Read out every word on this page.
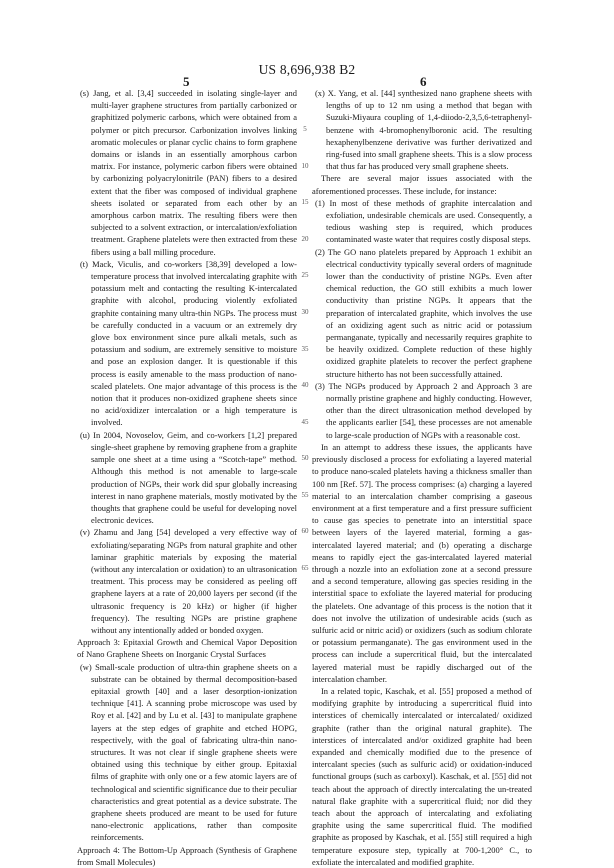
US 8,696,938 B2
5	6

(s) Jang, et al. [3,4] succeeded in isolating single-layer and multi-layer graphene structures from partially carbonized or graphitized polymeric carbons, which were obtained from a polymer or pitch precursor. Carbonization involves linking aromatic molecules or planar cyclic chains to form graphene domains or islands in an essentially amorphous carbon matrix. For instance, polymeric carbon fibers were obtained by carbonizing polyacrylonitrile (PAN) fibers to a desired extent that the fiber was composed of individual graphene sheets isolated or separated from each other by an amorphous carbon matrix. The resulting fibers were then subjected to a solvent extraction, or intercalation/exfoliation treatment. Graphene platelets were then extracted from these fibers using a ball milling procedure.

(t) Mack, Viculis, and co-workers [38,39] developed a low-temperature process that involved intercalating graphite with potassium melt and contacting the resulting K-intercalated graphite with alcohol, producing violently exfoliated graphite containing many ultra-thin NGPs. The process must be carefully conducted in a vacuum or an extremely dry glove box environment since pure alkali metals, such as potassium and sodium, are extremely sensitive to moisture and pose an explosion danger. It is questionable if this process is easily amenable to the mass production of nano-scaled platelets. One major advantage of this process is the notion that it produces non-oxidized graphene sheets since no acid/oxidizer intercalation or a high temperature is involved.

(u) In 2004, Novoselov, Geim, and co-workers [1,2] prepared single-sheet graphene by removing graphene from a graphite sample one sheet at a time using a “Scotch-tape” method. Although this method is not amenable to large-scale production of NGPs, their work did spur globally increasing interest in nano graphene materials, mostly motivated by the thoughts that graphene could be useful for developing novel electronic devices.

(v) Zhamu and Jang [54] developed a very effective way of exfoliating/separating NGPs from natural graphite and other laminar graphitic materials by exposing the material (without any intercalation or oxidation) to an ultrasonication treatment. This process may be considered as peeling off graphene layers at a rate of 20,000 layers per second (if the ultrasonic frequency is 20 kHz) or higher (if higher frequency). The resulting NGPs are pristine graphene without any intentionally added or bonded oxygen.

Approach 3: Epitaxial Growth and Chemical Vapor Deposition of Nano Graphene Sheets on Inorganic Crystal Surfaces

(w) Small-scale production of ultra-thin graphene sheets on a substrate can be obtained by thermal decomposition-based epitaxial growth [40] and a laser desorption-ionization technique [41]. A scanning probe microscope was used by Roy et al. [42] and by Lu et al. [43] to manipulate graphene layers at the step edges of graphite and etched HOPG, respectively, with the goal of fabricating ultra-thin nano-structures. It was not clear if single graphene sheets were obtained using this technique by either group. Epitaxial films of graphite with only one or a few atomic layers are of technological and scientific significance due to their peculiar characteristics and great potential as a device substrate. The graphene sheets produced are meant to be used for future nano-electronic applications, rather than composite reinforcements.

Approach 4: The Bottom-Up Approach (Synthesis of Graphene from Small Molecules)

(x) X. Yang, et al. [44] synthesized nano graphene sheets with lengths of up to 12 nm using a method that began with Suzuki-Miyaura coupling of 1,4-diiodo-2,3,5,6-tetraphenyl-benzene with 4-bromophenylboronic acid. The resulting hexaphenylbenzene derivative was further derivatized and ring-fused into small graphene sheets. This is a slow process that thus far has produced very small graphene sheets.

There are several major issues associated with the aforementioned processes. These include, for instance:

(1) In most of these methods of graphite intercalation and exfoliation, undesirable chemicals are used. Consequently, a tedious washing step is required, which produces contaminated waste water that requires costly disposal steps.

(2) The GO nano platelets prepared by Approach 1 exhibit an electrical conductivity typically several orders of magnitude lower than the conductivity of pristine NGPs. Even after chemical reduction, the GO still exhibits a much lower conductivity than pristine NGPs. It appears that the preparation of intercalated graphite, which involves the use of an oxidizing agent such as nitric acid or potassium permanganate, typically and necessarily requires graphite to be heavily oxidized. Complete reduction of these highly oxidized graphite platelets to recover the perfect graphene structure hitherto has not been successfully attained.

(3) The NGPs produced by Approach 2 and Approach 3 are normally pristine graphene and highly conducting. However, other than the direct ultrasonication method developed by the applicants earlier [54], these processes are not amenable to large-scale production of NGPs with a reasonable cost.

In an attempt to address these issues, the applicants have previously disclosed a process for exfoliating a layered material to produce nano-scaled platelets having a thickness smaller than 100 nm [Ref. 57]. The process comprises: (a) charging a layered material to an intercalation chamber comprising a gaseous environment at a first temperature and a first pressure sufficient to cause gas species to penetrate into an interstitial space between layers of the layered material, forming a gas-intercalated layered material; and (b) operating a discharge means to rapidly eject the gas-intercalated layered material through a nozzle into an exfoliation zone at a second pressure and a second temperature, allowing gas species residing in the interstitial space to exfoliate the layered material for producing the platelets. One advantage of this process is the notion that it does not involve the utilization of undesirable acids (such as sulfuric acid or nitric acid) or oxidizers (such as sodium chlorate or potassium permanganate). The gas environment used in the process can include a supercritical fluid, but the intercalated layered material must be rapidly discharged out of the intercalation chamber.

In a related topic, Kaschak, et al. [55] proposed a method of modifying graphite by introducing a supercritical fluid into interstices of chemically intercalated or intercalated/ oxidized graphite (rather than the original natural graphite). The interstices of intercalated and/or oxidized graphite had been expanded and chemically modified due to the presence of intercalant species (such as sulfuric acid) or oxidation-induced functional groups (such as carboxyl). Kaschak, et al. [55] did not teach about the approach of directly intercalating the un-treated natural flake graphite with a supercritical fluid; nor did they teach about the approach of intercalating and exfoliating graphite using the same supercritical fluid. The modified graphite as proposed by Kaschak, et al. [55] still required a high temperature exposure step, typically at 700-1,200° C., to exfoliate the intercalated and modified graphite.

5
10
15
20
25
30
35
40
45
50
55
60
65
